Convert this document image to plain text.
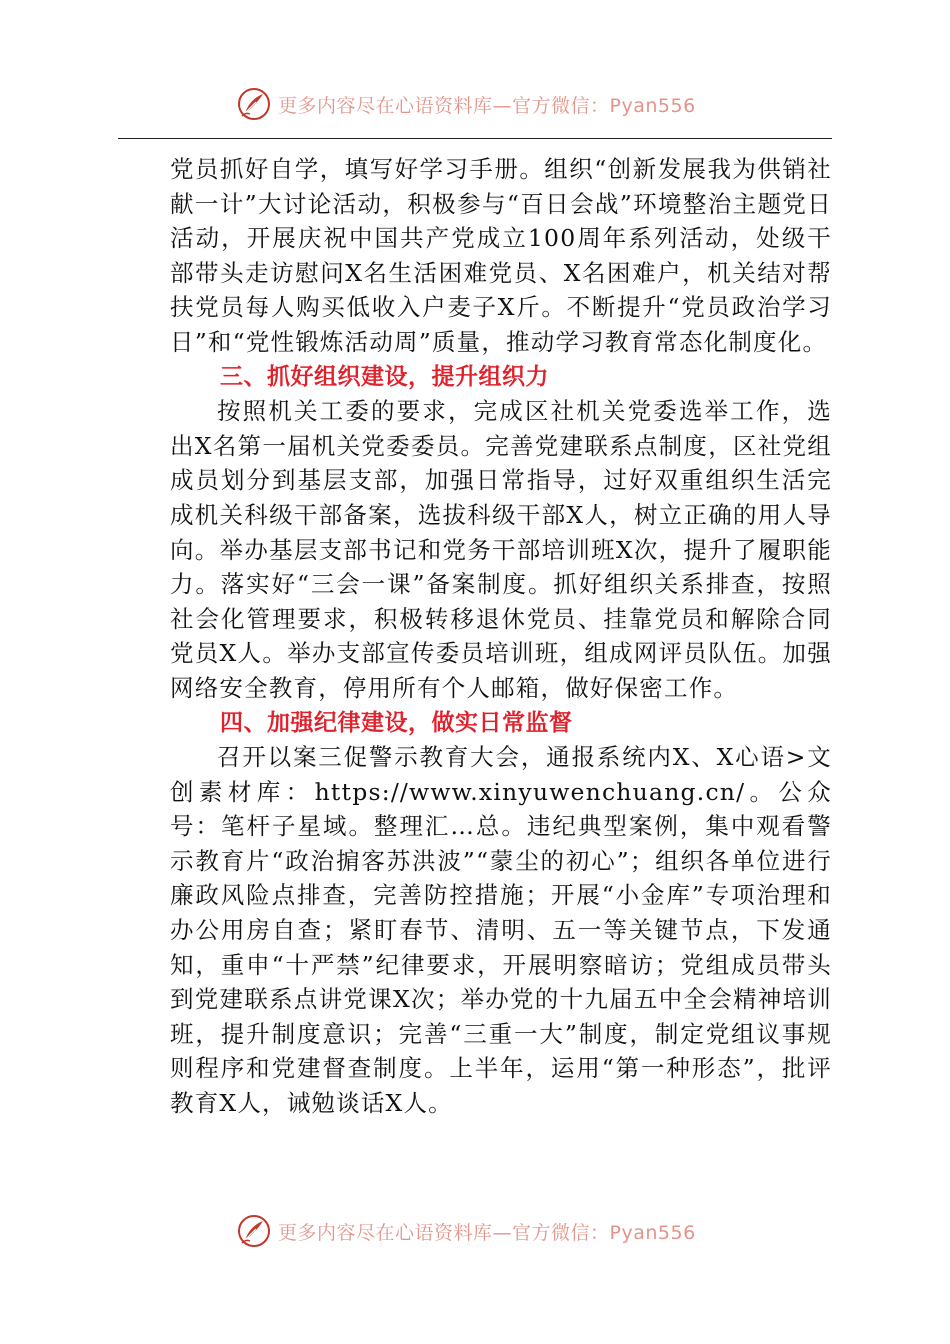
更多内容尽在心语资料库—官方微信：Pyan556

党员抓好自学，填写好学习手册。组织“创新发展我为供销社献一计”大讨论活动，积极参与“百日会战”环境整治主题党日活动，开展庆祝中国共产党成立100周年系列活动，处级干部带头走访慰问X名生活困难党员、X名困难户，机关结对帮扶党员每人购买低收入户麦子X斤。不断提升“党员政治学习日”和“党性锻炼活动周”质量，推动学习教育常态化制度化。

三、抓好组织建设，提升组织力

按照机关工委的要求，完成区社机关党委选举工作，选出X名第一届机关党委委员。完善党建联系点制度，区社党组成员划分到基层支部，加强日常指导，过好双重组织生活完成机关科级干部备案，选拔科级干部X人，树立正确的用人导向。举办基层支部书记和党务干部培训班X次，提升了履职能力。落实好“三会一课”备案制度。抓好组织关系排查，按照社会化管理要求，积极转移退休党员、挂靠党员和解除合同党员X人。举办支部宣传委员培训班，组成网评员队伍。加强网络安全教育，停用所有个人邮箱，做好保密工作。

四、加强纪律建设，做实日常监督

召开以案三促警示教育大会，通报系统内X、X心语>文创素材库：https://www.xinyuwenchuang.cn/。公众号：笔杆子星域。整理汇…总。违纪典型案例，集中观看警示教育片“政治掮客苏洪波”“蒙尘的初心”；组织各单位进行廉政风险点排查，完善防控措施；开展“小金库”专项治理和办公用房自查；紧盯春节、清明、五一等关键节点，下发通知，重申“十严禁”纪律要求，开展明察暗访；党组成员带头到党建联系点讲党课X次；举办党的十九届五中全会精神培训班，提升制度意识；完善“三重一大”制度，制定党组议事规则程序和党建督查制度。上半年，运用“第一种形态”，批评教育X人，诫勉谈话X人。

更多内容尽在心语资料库—官方微信：Pyan556
